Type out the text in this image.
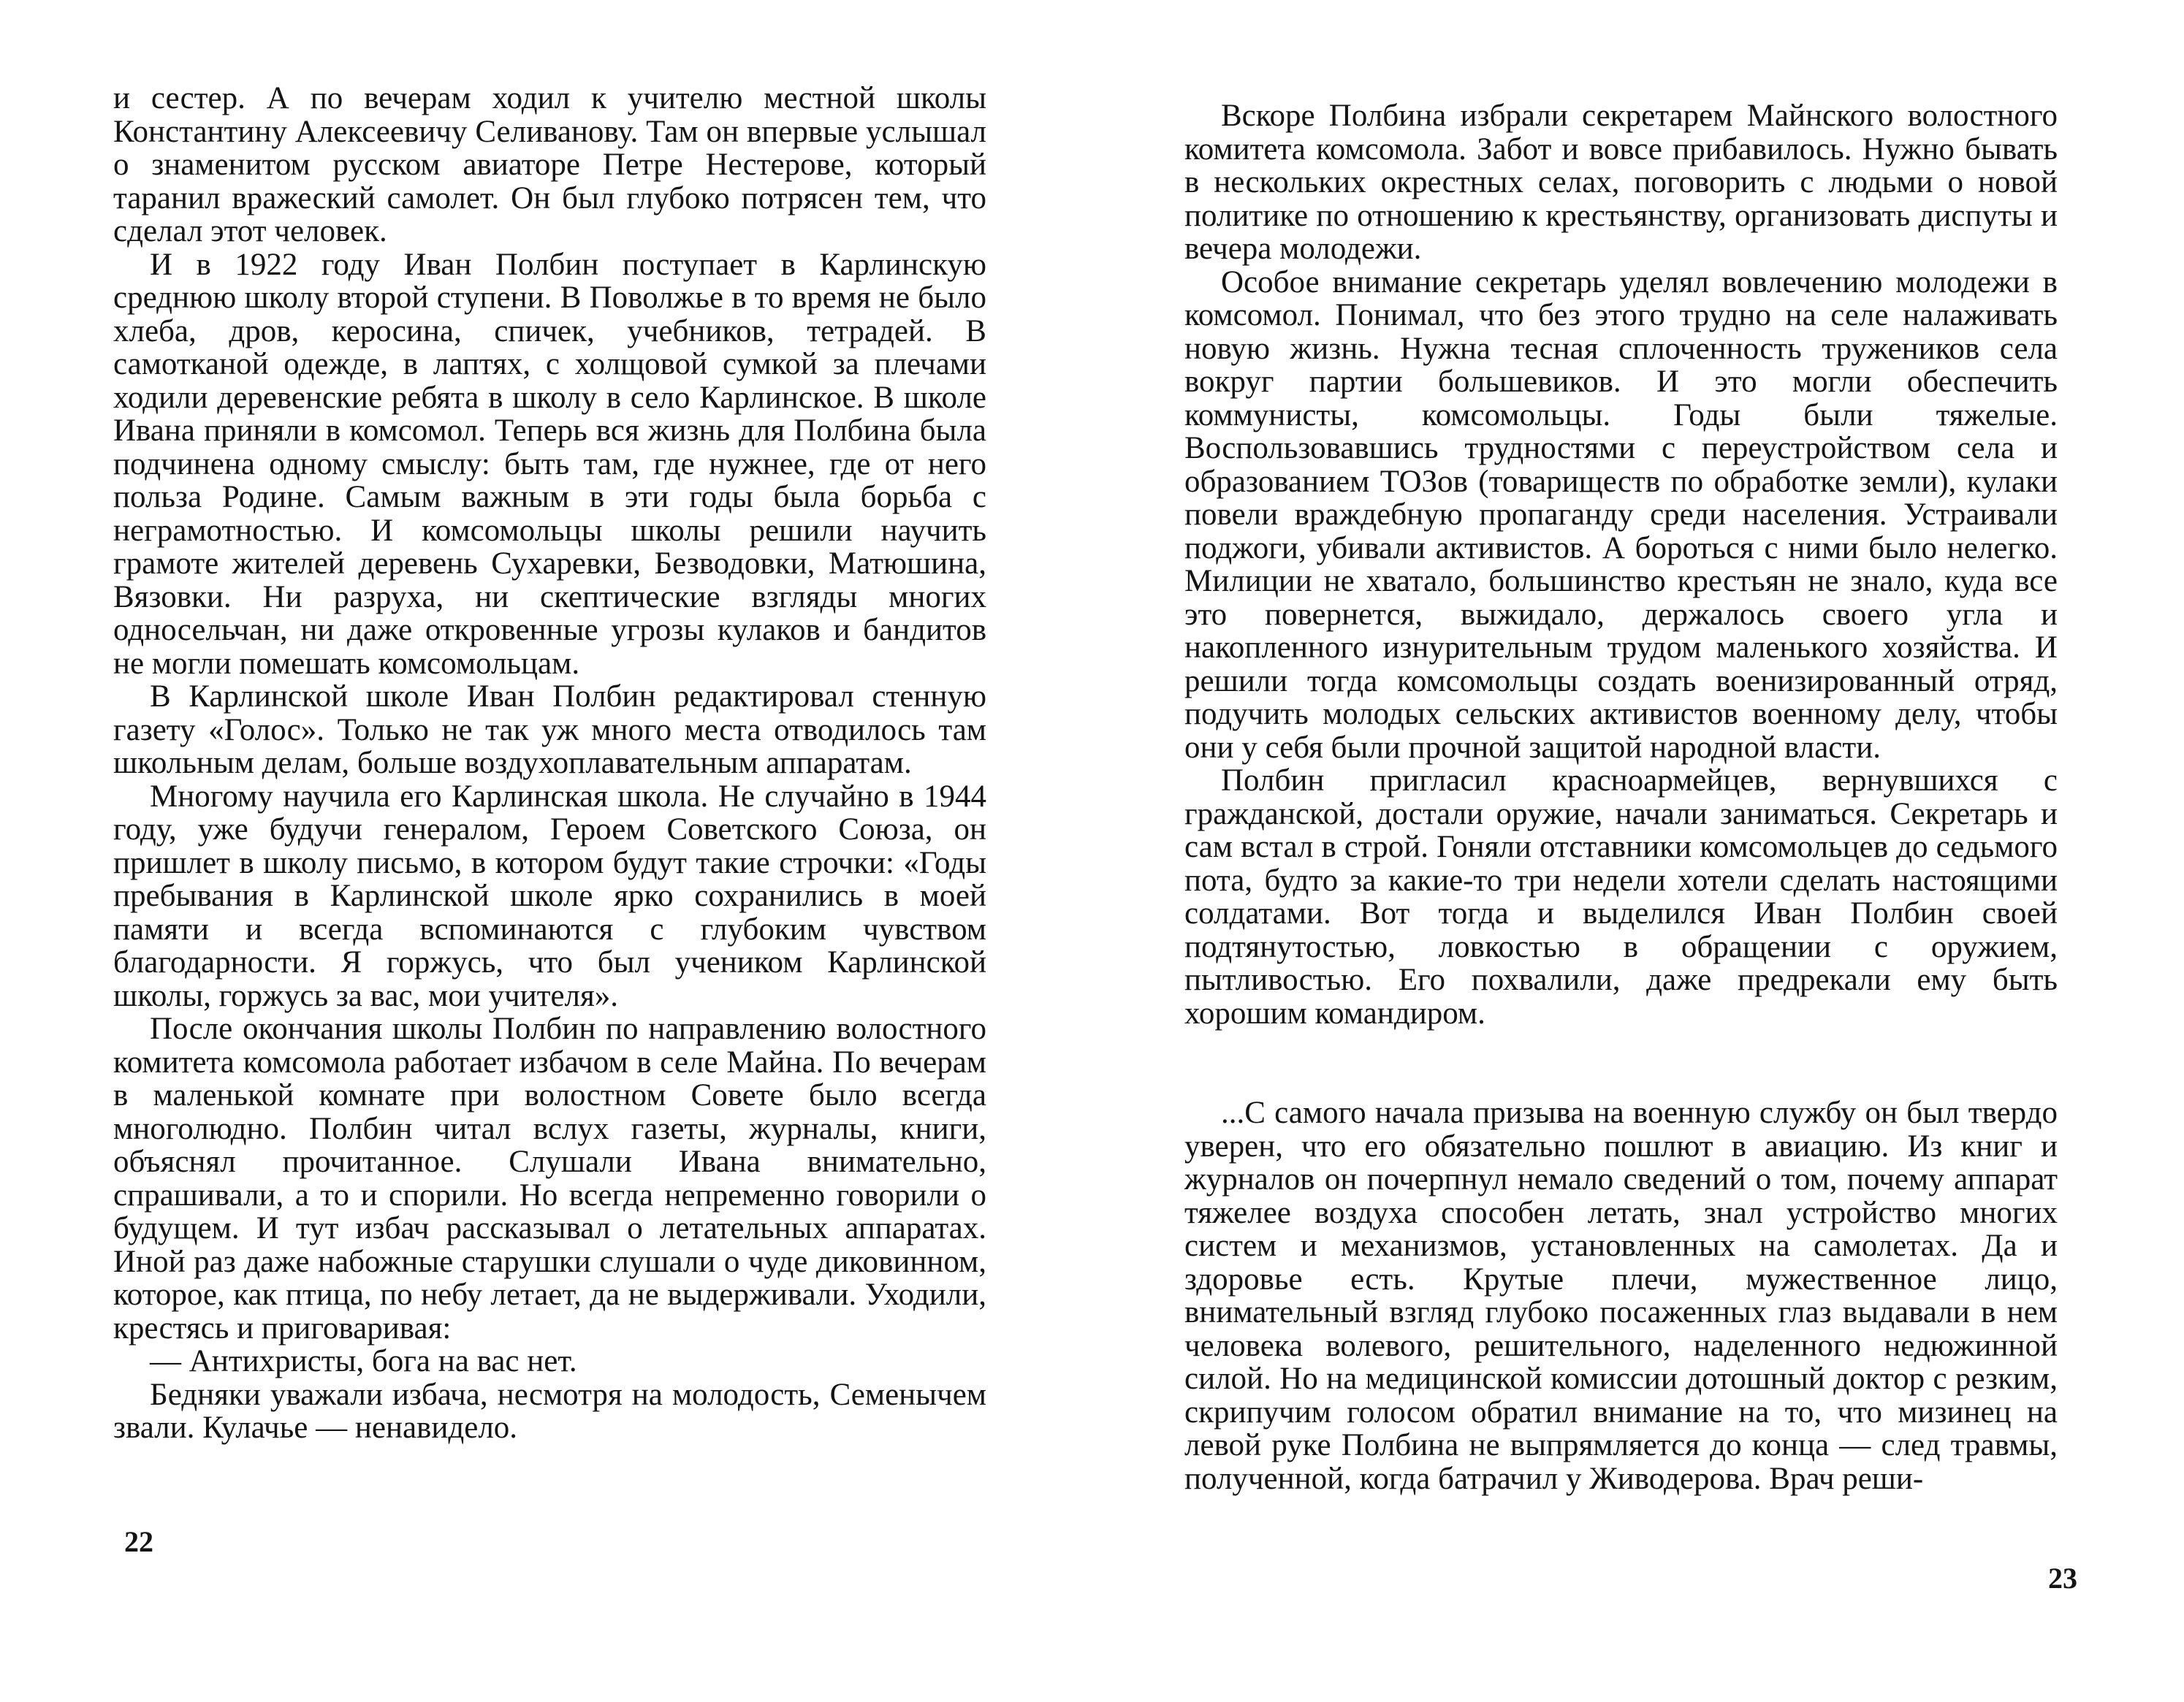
и сестер. А по вечерам ходил к учителю местной школы Константину Алексеевичу Селиванову. Там он впервые услышал о знаменитом русском авиаторе Петре Нестерове, который таранил вражеский самолет. Он был глубоко потрясен тем, что сделал этот человек.

И в 1922 году Иван Полбин поступает в Карлинскую среднюю школу второй ступени. В Поволжье в то время не было хлеба, дров, керосина, спичек, учебников, тетрадей. В самотканой одежде, в лаптях, с холщовой сумкой за плечами ходили деревенские ребята в школу в село Карлинское. В школе Ивана приняли в комсомол. Теперь вся жизнь для Полбина была подчинена одному смыслу: быть там, где нужнее, где от него польза Родине. Самым важным в эти годы была борьба с неграмотностью. И комсомольцы школы решили научить грамоте жителей деревень Сухаревки, Безводовки, Матюшина, Вязовки. Ни разруха, ни скептические взгляды многих односельчан, ни даже откровенные угрозы кулаков и бандитов не могли помешать комсомольцам.

В Карлинской школе Иван Полбин редактировал стенную газету «Голос». Только не так уж много места отводилось там школьным делам, больше воздухоплавательным аппаратам.

Многому научила его Карлинская школа. Не случайно в 1944 году, уже будучи генералом, Героем Советского Союза, он пришлет в школу письмо, в котором будут такие строчки: «Годы пребывания в Карлинской школе ярко сохранились в моей памяти и всегда вспоминаются с глубоким чувством благодарности. Я горжусь, что был учеником Карлинской школы, горжусь за вас, мои учителя».

После окончания школы Полбин по направлению волостного комитета комсомола работает избачом в селе Майна. По вечерам в маленькой комнате при волостном Совете было всегда многолюдно. Полбин читал вслух газеты, журналы, книги, объяснял прочитанное. Слушали Ивана внимательно, спрашивали, а то и спорили. Но всегда непременно говорили о будущем. И тут избач рассказывал о летательных аппаратах. Иной раз даже набожные старушки слушали о чуде диковинном, которое, как птица, по небу летает, да не выдерживали. Уходили, крестясь и приговаривая:

— Антихристы, бога на вас нет.

Бедняки уважали избача, несмотря на молодость, Семенычем звали. Кулачье — ненавидело.

22

Вскоре Полбина избрали секретарем Майнского волостного комитета комсомола. Забот и вовсе прибавилось. Нужно бывать в нескольких окрестных селах, поговорить с людьми о новой политике по отношению к крестьянству, организовать диспуты и вечера молодежи.

Особое внимание секретарь уделял вовлечению молодежи в комсомол. Понимал, что без этого трудно на селе налаживать новую жизнь. Нужна тесная сплоченность тружеников села вокруг партии большевиков. И это могли обеспечить коммунисты, комсомольцы. Годы были тяжелые. Воспользовавшись трудностями с переустройством села и образованием ТОЗов (товариществ по обработке земли), кулаки повели враждебную пропаганду среди населения. Устраивали поджоги, убивали активистов. А бороться с ними было нелегко. Милиции не хватало, большинство крестьян не знало, куда все это повернется, выжидало, держалось своего угла и накопленного изнурительным трудом маленького хозяйства. И решили тогда комсомольцы создать военизированный отряд, подучить молодых сельских активистов военному делу, чтобы они у себя были прочной защитой народной власти.

Полбин пригласил красноармейцев, вернувшихся с гражданской, достали оружие, начали заниматься. Секретарь и сам встал в строй. Гоняли отставники комсомольцев до седьмого пота, будто за какие-то три недели хотели сделать настоящими солдатами. Вот тогда и выделился Иван Полбин своей подтянутостью, ловкостью в обращении с оружием, пытливостью. Его похвалили, даже предрекали ему быть хорошим командиром.

...С самого начала призыва на военную службу он был твердо уверен, что его обязательно пошлют в авиацию. Из книг и журналов он почерпнул немало сведений о том, почему аппарат тяжелее воздуха способен летать, знал устройство многих систем и механизмов, установленных на самолетах. Да и здоровье есть. Крутые плечи, мужественное лицо, внимательный взгляд глубоко посаженных глаз выдавали в нем человека волевого, решительного, наделенного недюжинной силой. Но на медицинской комиссии дотошный доктор с резким, скрипучим голосом обратил внимание на то, что мизинец на левой руке Полбина не выпрямляется до конца — след травмы, полученной, когда батрачил у Живодерова. Врач реши-

23
